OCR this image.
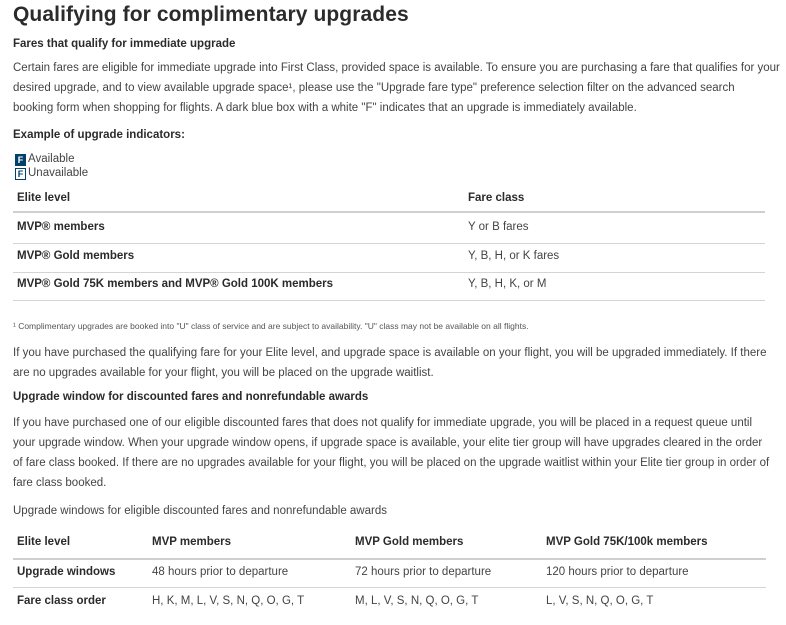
Qualifying for complimentary upgrades
Fares that qualify for immediate upgrade
Certain fares are eligible for immediate upgrade into First Class, provided space is available. To ensure you are purchasing a fare that qualifies for your
desired upgrade, and to view available upgrade space¹, please use the "Upgrade fare type" preference selection filter on the advanced search
booking form when shopping for flights. A dark blue box with a white "F" indicates that an upgrade is immediately available.
Example of upgrade indicators:
F Available
F Unavailable
Elite level	Fare class
MVP® members	Y or B fares
MVP® Gold members	Y, B, H, or K fares
MVP® Gold 75K members and MVP® Gold 100K members	Y, B, H, K, or M
¹ Complimentary upgrades are booked into "U" class of service and are subject to availability. "U" class may not be available on all flights.
If you have purchased the qualifying fare for your Elite level, and upgrade space is available on your flight, you will be upgraded immediately. If there
are no upgrades available for your flight, you will be placed on the upgrade waitlist.
Upgrade window for discounted fares and nonrefundable awards
If you have purchased one of our eligible discounted fares that does not qualify for immediate upgrade, you will be placed in a request queue until
your upgrade window. When your upgrade window opens, if upgrade space is available, your elite tier group will have upgrades cleared in the order
of fare class booked. If there are no upgrades available for your flight, you will be placed on the upgrade waitlist within your Elite tier group in order of
fare class booked.
Upgrade windows for eligible discounted fares and nonrefundable awards
Elite level	MVP members	MVP Gold members	MVP Gold 75K/100k members
Upgrade windows	48 hours prior to departure	72 hours prior to departure	120 hours prior to departure
Fare class order	H, K, M, L, V, S, N, Q, O, G, T	M, L, V, S, N, Q, O, G, T	L, V, S, N, Q, O, G, T
